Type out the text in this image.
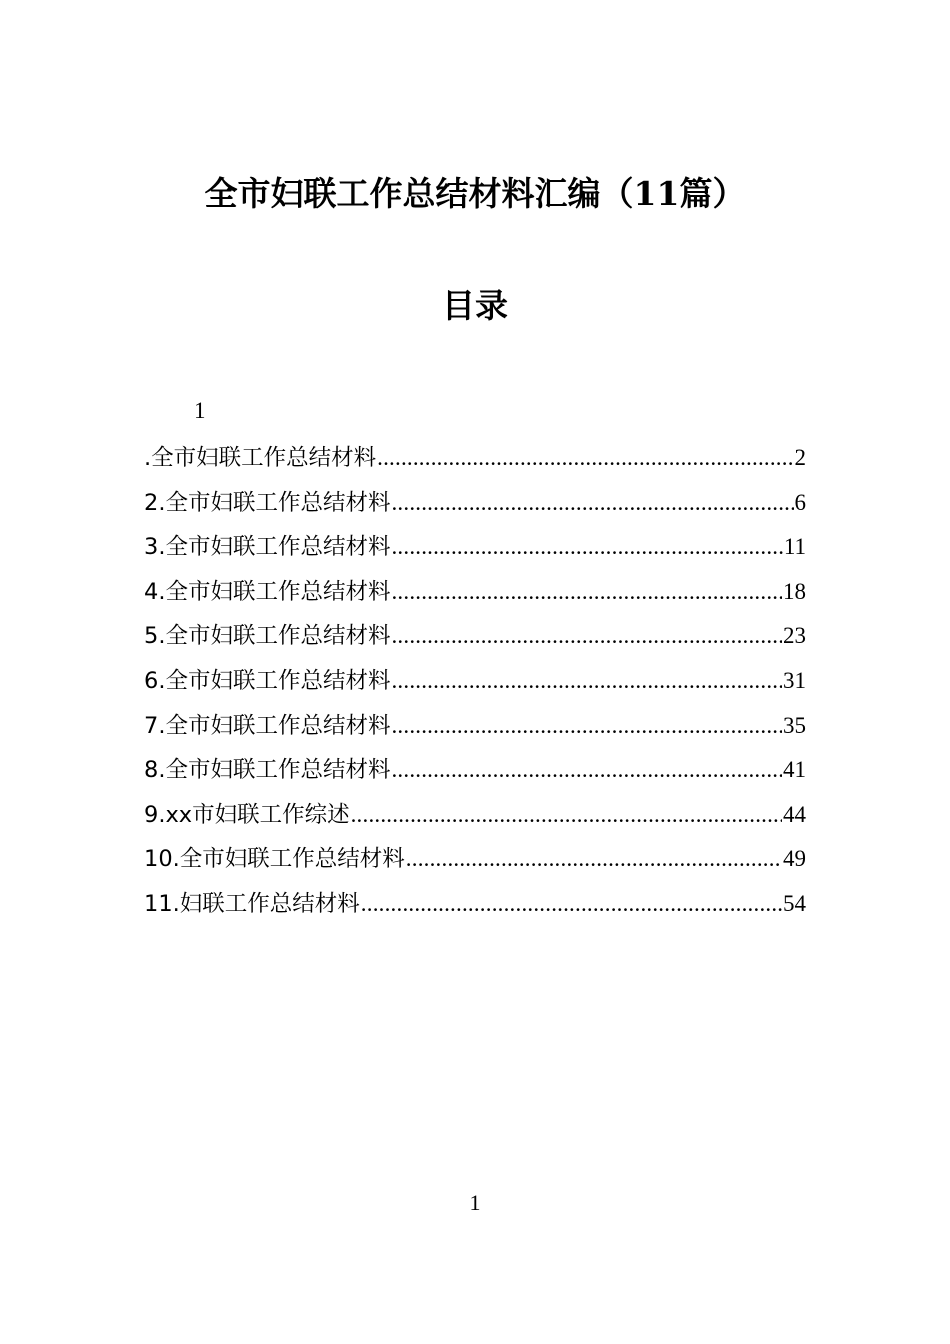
全市妇联工作总结材料汇编（11篇）
目录
1
.全市妇联工作总结材料 .....	2
2.全市妇联工作总结材料 .....	6
3.全市妇联工作总结材料 .....	11
4.全市妇联工作总结材料 .....	18
5.全市妇联工作总结材料 .....	23
6.全市妇联工作总结材料 .....	31
7.全市妇联工作总结材料 .....	35
8.全市妇联工作总结材料 .....	41
9.xx市妇联工作综述 .....	44
10.全市妇联工作总结材料 .....	49
11.妇联工作总结材料 .....	54
1
